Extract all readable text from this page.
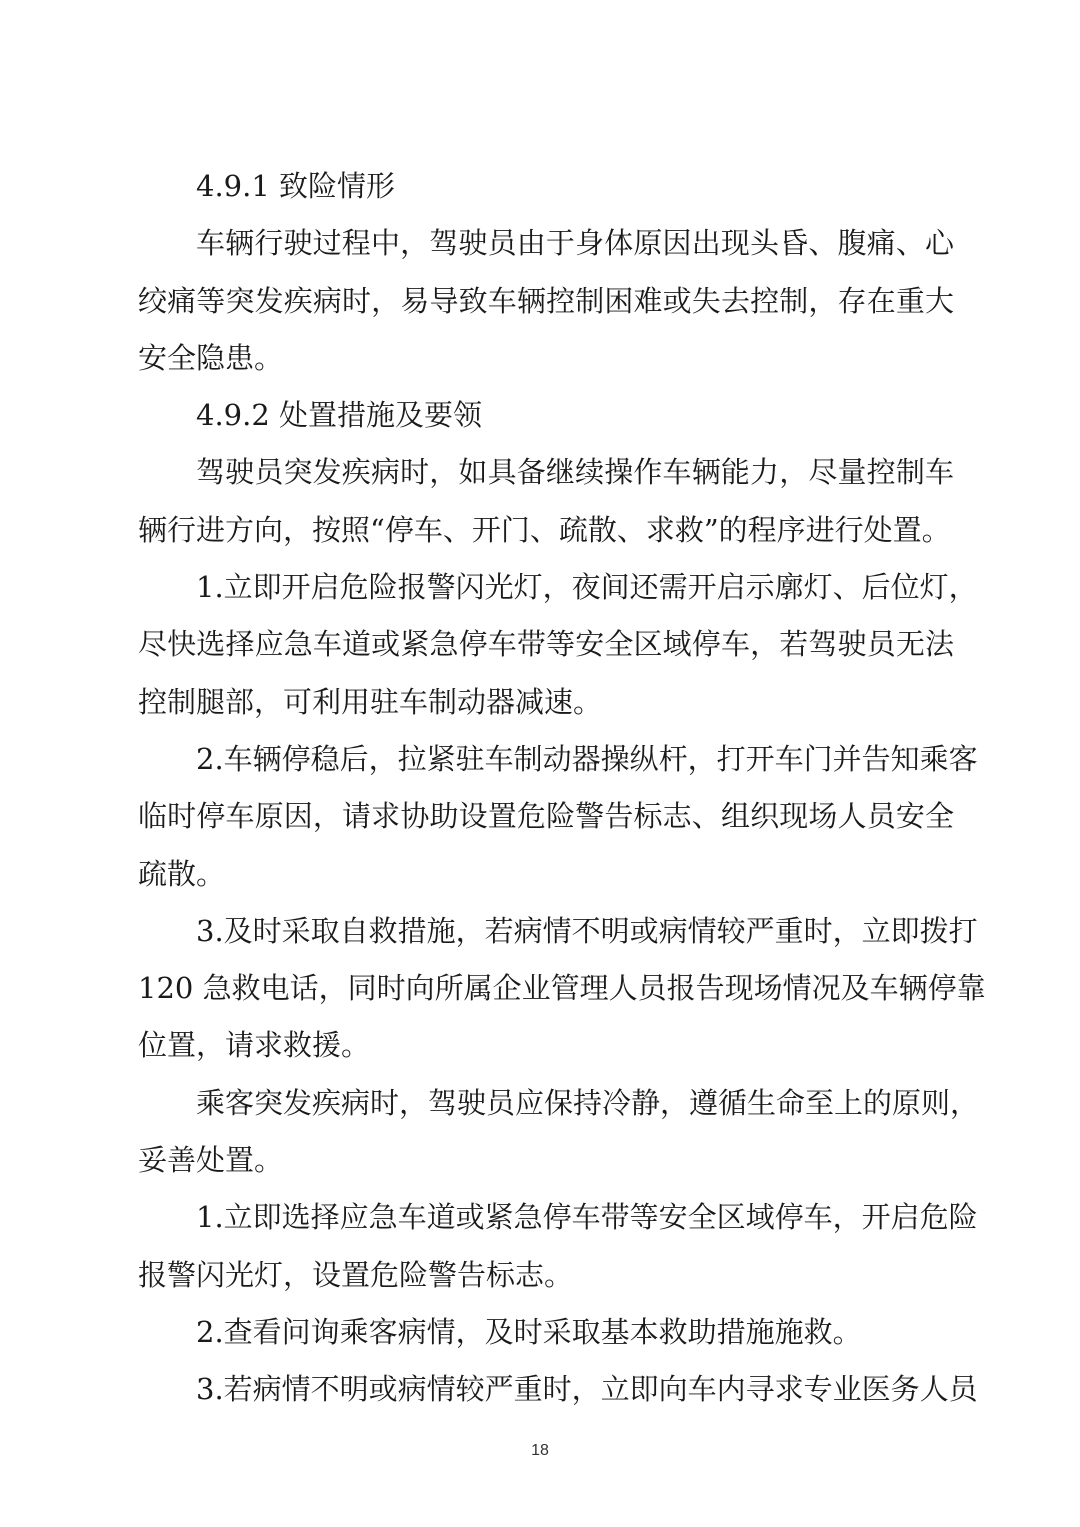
4.9.1 致险情形
车辆行驶过程中，驾驶员由于身体原因出现头昏、腹痛、心
绞痛等突发疾病时，易导致车辆控制困难或失去控制，存在重大
安全隐患。
4.9.2 处置措施及要领
驾驶员突发疾病时，如具备继续操作车辆能力，尽量控制车
辆行进方向，按照“停车、开门、疏散、求救”的程序进行处置。
1.立即开启危险报警闪光灯，夜间还需开启示廓灯、后位灯，
尽快选择应急车道或紧急停车带等安全区域停车，若驾驶员无法
控制腿部，可利用驻车制动器减速。
2.车辆停稳后，拉紧驻车制动器操纵杆，打开车门并告知乘客
临时停车原因，请求协助设置危险警告标志、组织现场人员安全
疏散。
3.及时采取自救措施，若病情不明或病情较严重时，立即拨打
120 急救电话，同时向所属企业管理人员报告现场情况及车辆停靠
位置，请求救援。
乘客突发疾病时，驾驶员应保持冷静，遵循生命至上的原则，
妥善处置。
1.立即选择应急车道或紧急停车带等安全区域停车，开启危险
报警闪光灯，设置危险警告标志。
2.查看问询乘客病情，及时采取基本救助措施施救。
3.若病情不明或病情较严重时，立即向车内寻求专业医务人员
18
